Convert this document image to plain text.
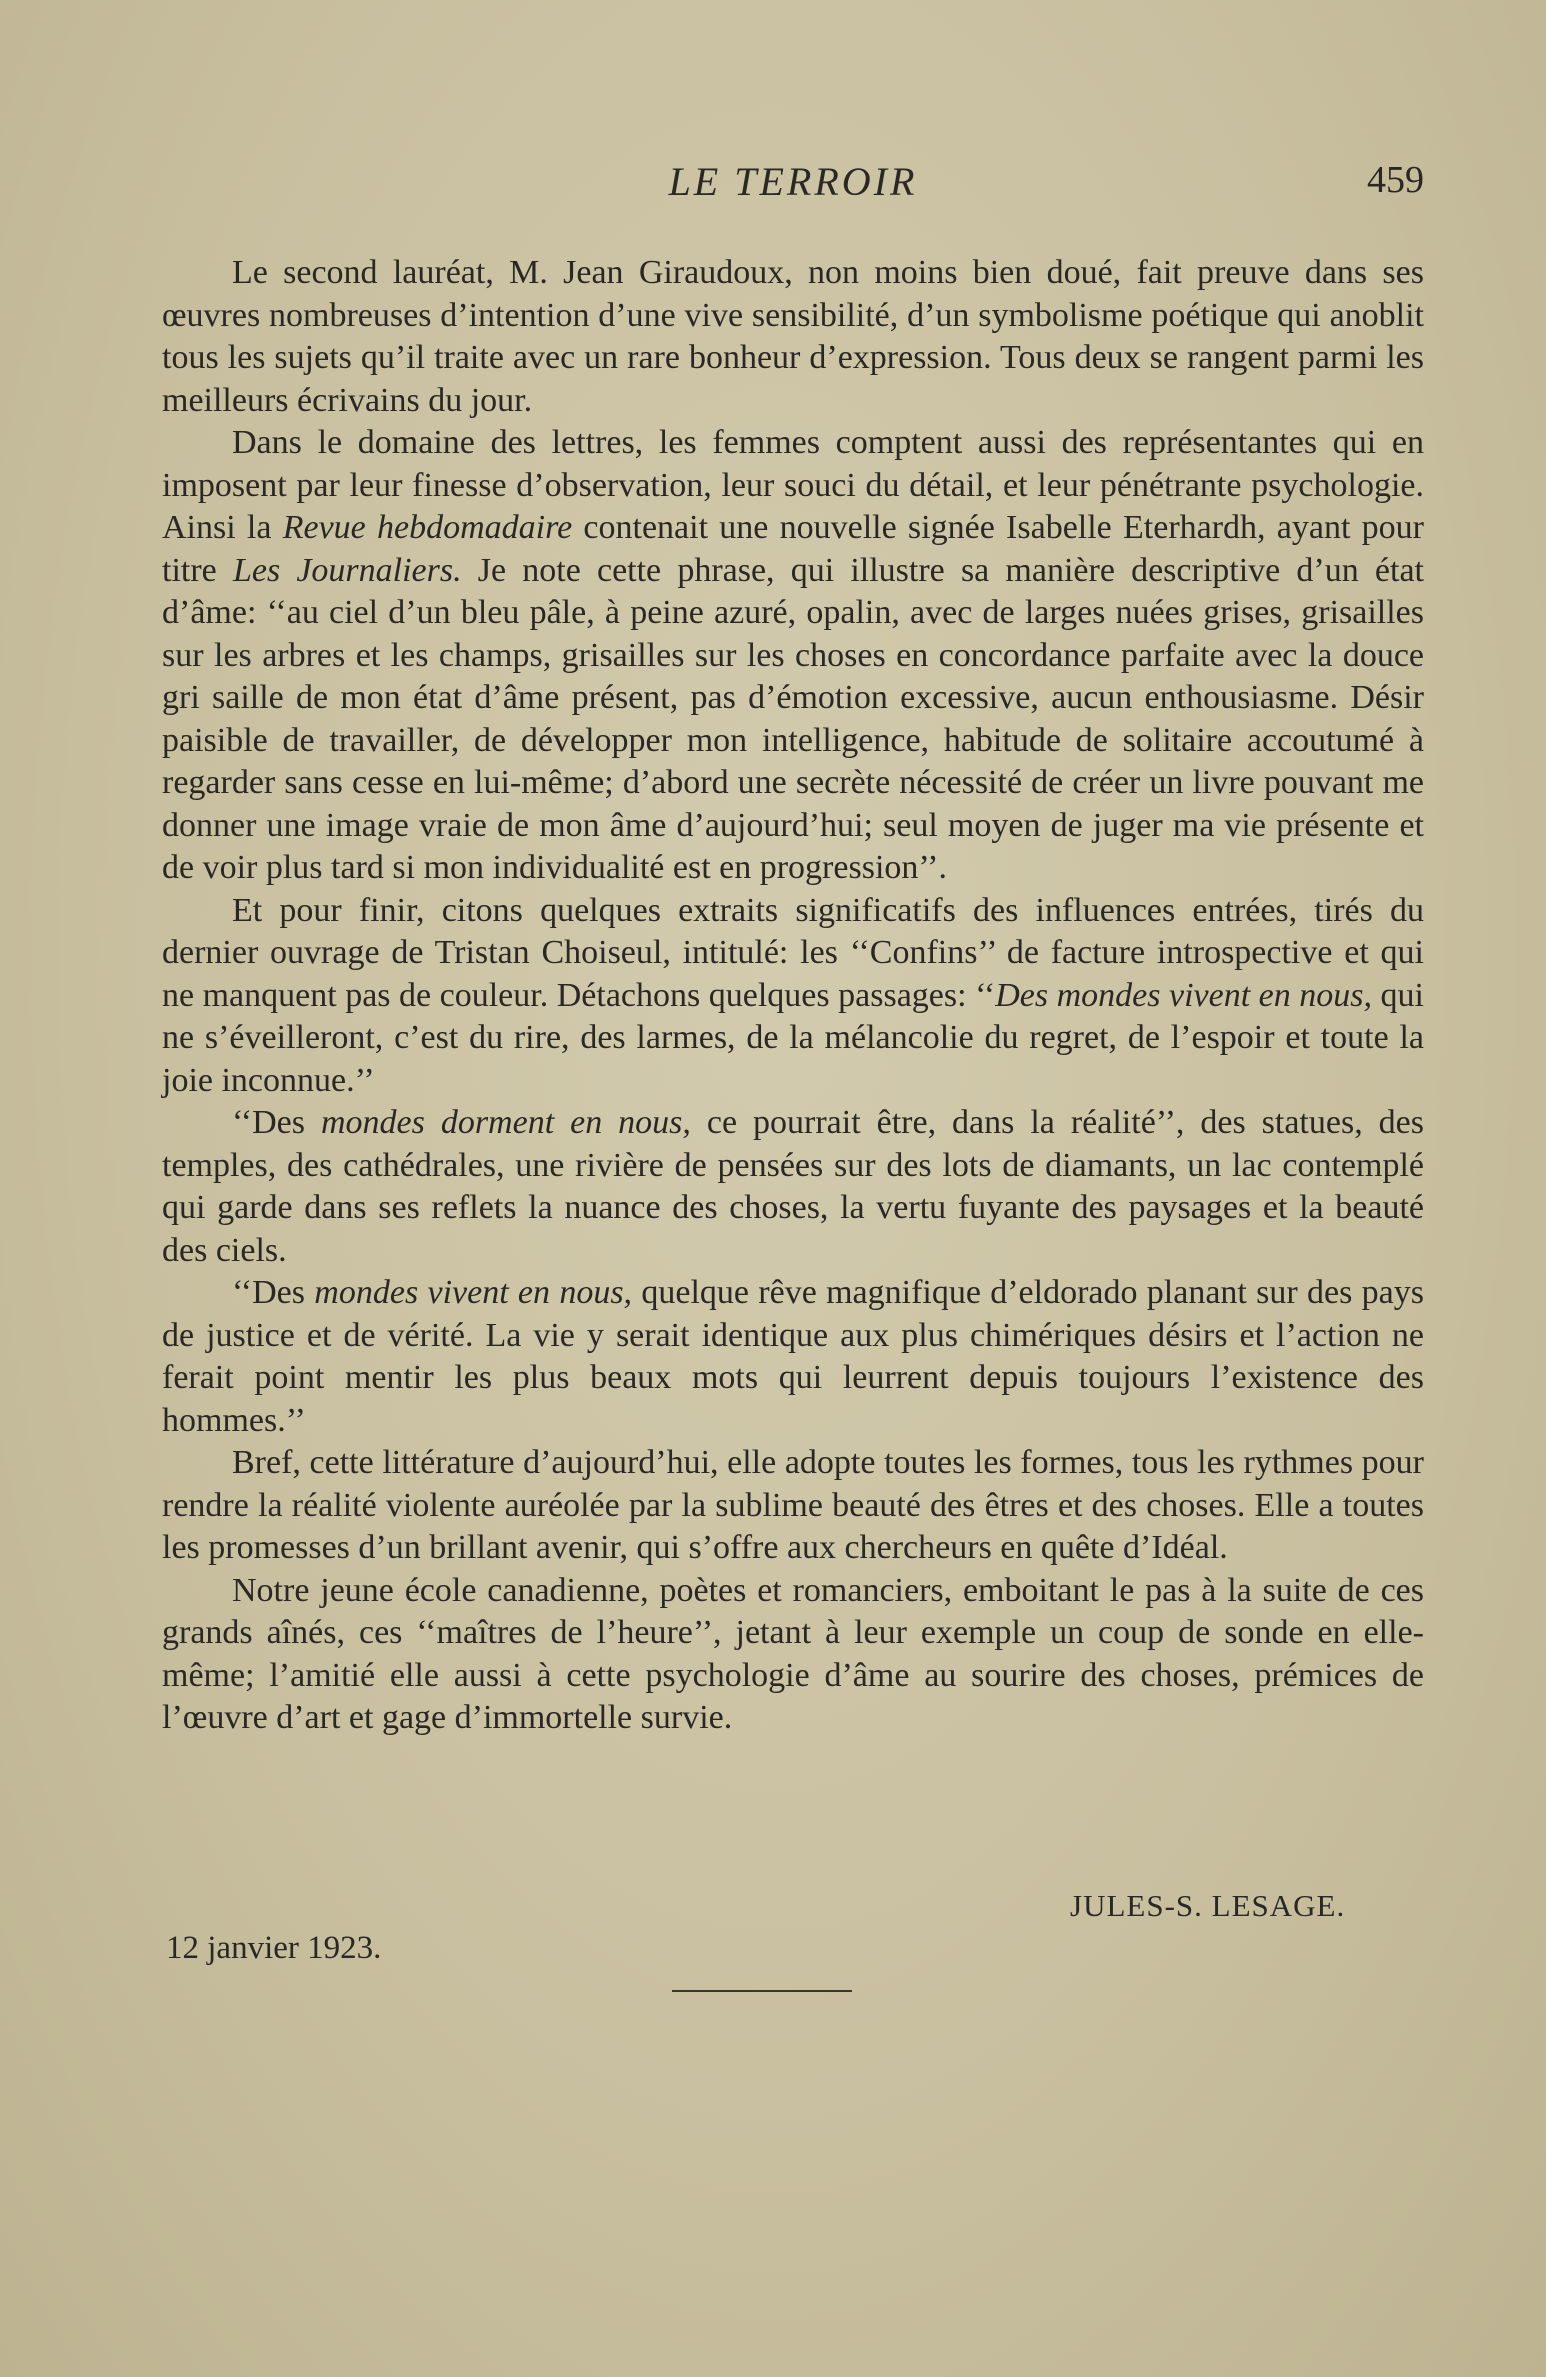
LE TERROIR	459

Le second lauréat, M. Jean Giraudoux, non moins bien doué, fait preuve dans ses œuvres nombreuses d’intention d’une vive sensibilité, d’un symbolisme poétique qui anoblit tous les sujets qu’il traite avec un rare bonheur d’expression. Tous deux se rangent parmi les meilleurs écrivains du jour.

Dans le domaine des lettres, les femmes comptent aussi des représentantes qui en imposent par leur finesse d’observation, leur souci du détail, et leur pénétrante psychologie. Ainsi la Revue hebdomadaire contenait une nouvelle signée Isabelle Eterhardh, ayant pour titre Les Journaliers. Je note cette phrase, qui illustre sa manière descriptive d’un état d’âme: ‘‘au ciel d’un bleu pâle, à peine azuré, opalin, avec de larges nuées grises, grisailles sur les arbres et les champs, grisailles sur les choses en concordance parfaite avec la douce gri saille de mon état d’âme présent, pas d’émotion excessive, aucun enthousiasme. Désir paisible de travailler, de développer mon intelligence, habitude de solitaire accoutumé à regarder sans cesse en lui-même; d’abord une secrète nécessité de créer un livre pouvant me donner une image vraie de mon âme d’aujourd’hui; seul moyen de juger ma vie présente et de voir plus tard si mon individualité est en progression’’.

Et pour finir, citons quelques extraits significatifs des influences entrées, tirés du dernier ouvrage de Tristan Choiseul, intitulé: les ‘‘Confins’’ de facture introspective et qui ne manquent pas de couleur. Détachons quelques passages: ‘‘Des mondes vivent en nous, qui ne s’éveilleront, c’est du rire, des larmes, de la mélancolie du regret, de l’espoir et toute la joie inconnue.’’

‘‘Des mondes dorment en nous, ce pourrait être, dans la réalité’’, des statues, des temples, des cathédrales, une rivière de pensées sur des lots de diamants, un lac contemplé qui garde dans ses reflets la nuance des choses, la vertu fuyante des paysages et la beauté des ciels.

‘‘Des mondes vivent en nous, quelque rêve magnifique d’eldorado planant sur des pays de justice et de vérité. La vie y serait identique aux plus chimériques désirs et l’action ne ferait point mentir les plus beaux mots qui leurrent depuis toujours l’existence des hommes.’’

Bref, cette littérature d’aujourd’hui, elle adopte toutes les formes, tous les rythmes pour rendre la réalité violente auréolée par la sublime beauté des êtres et des choses. Elle a toutes les promesses d’un brillant avenir, qui s’offre aux chercheurs en quête d’Idéal.

Notre jeune école canadienne, poètes et romanciers, emboitant le pas à la suite de ces grands aînés, ces ‘‘maîtres de l’heure’’, jetant à leur exemple un coup de sonde en elle-même; l’amitié elle aussi à cette psychologie d’âme au sourire des choses, prémices de l’œuvre d’art et gage d’immortelle survie.

JULES-S. LESAGE.
12 janvier 1923.
